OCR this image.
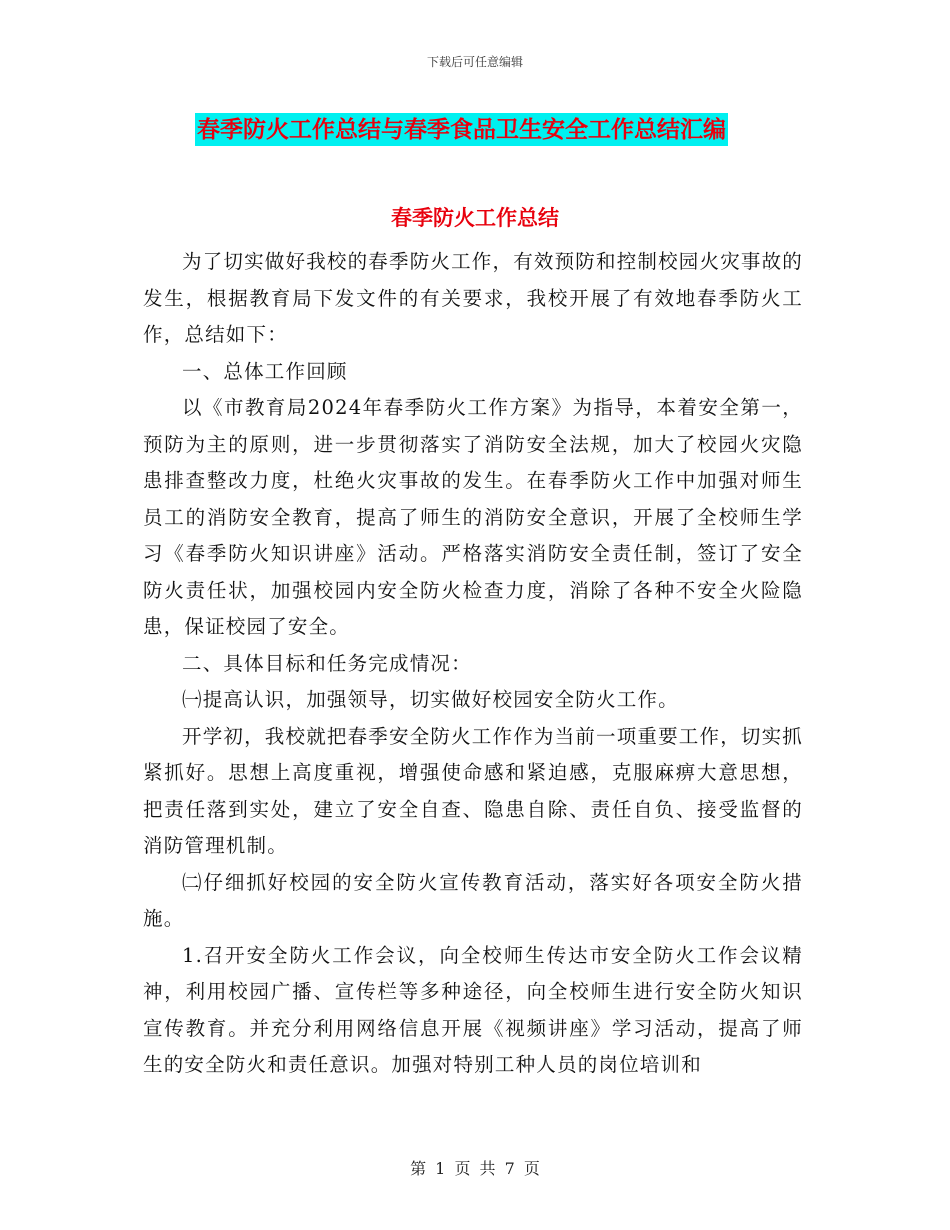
下载后可任意编辑
春季防火工作总结与春季食品卫生安全工作总结汇编
春季防火工作总结

为了切实做好我校的春季防火工作，有效预防和控制校园火灾事故的发生，根据教育局下发文件的有关要求，我校开展了有效地春季防火工作，总结如下：

一、总体工作回顾

以《市教育局2024年春季防火工作方案》为指导，本着安全第一，预防为主的原则，进一步贯彻落实了消防安全法规，加大了校园火灾隐患排查整改力度，杜绝火灾事故的发生。在春季防火工作中加强对师生员工的消防安全教育，提高了师生的消防安全意识，开展了全校师生学习《春季防火知识讲座》活动。严格落实消防安全责任制，签订了安全防火责任状，加强校园内安全防火检查力度，消除了各种不安全火险隐患，保证校园了安全。

二、具体目标和任务完成情况：

㈠提高认识，加强领导，切实做好校园安全防火工作。

开学初，我校就把春季安全防火工作作为当前一项重要工作，切实抓紧抓好。思想上高度重视，增强使命感和紧迫感，克服麻痹大意思想，把责任落到实处，建立了安全自查、隐患自除、责任自负、接受监督的消防管理机制。

㈡仔细抓好校园的安全防火宣传教育活动，落实好各项安全防火措施。

1.召开安全防火工作会议，向全校师生传达市安全防火工作会议精神，利用校园广播、宣传栏等多种途径，向全校师生进行安全防火知识宣传教育。并充分利用网络信息开展《视频讲座》学习活动，提高了师生的安全防火和责任意识。加强对特别工种人员的岗位培训和

第 1 页 共 7 页
